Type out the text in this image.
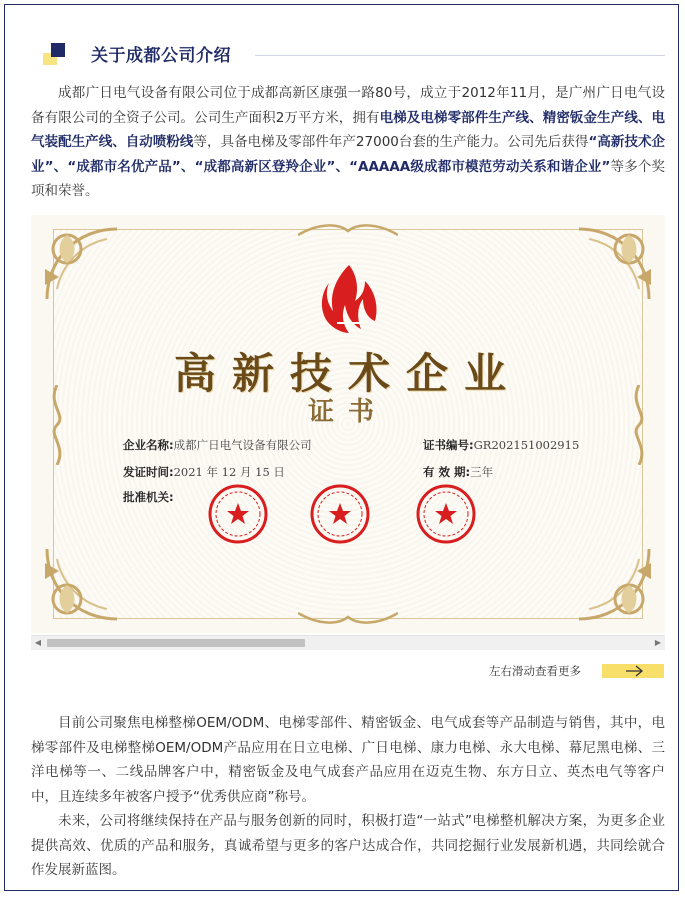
关于成都公司介绍
成都广日电气设备有限公司位于成都高新区康强一路80号，成立于2012年11月，是广州广日电气设备有限公司的全资子公司。公司生产面积2万平方米，拥有电梯及电梯零部件生产线、精密钣金生产线、电气装配生产线、自动喷粉线等，具备电梯及零部件年产27000台套的生产能力。公司先后获得“高新技术企业”、“成都市名优产品”、“成都高新区登羚企业”、“AAAAA级成都市模范劳动关系和谐企业”等多个奖项和荣誉。
高新技术企业
证书
企业名称:成都广日电气设备有限公司	证书编号:GR202151002915
发证时间:2021 年 12 月 15 日	有 效 期:三年
批准机关:
◀	▶
左右滑动查看更多
目前公司聚焦电梯整梯OEM/ODM、电梯零部件、精密钣金、电气成套等产品制造与销售，其中，电梯零部件及电梯整梯OEM/ODM产品应用在日立电梯、广日电梯、康力电梯、永大电梯、幕尼黑电梯、三洋电梯等一、二线品牌客户中，精密钣金及电气成套产品应用在迈克生物、东方日立、英杰电气等客户中，且连续多年被客户授予“优秀供应商”称号。
未来，公司将继续保持在产品与服务创新的同时，积极打造“一站式”电梯整机解决方案，为更多企业提供高效、优质的产品和服务，真诚希望与更多的客户达成合作，共同挖掘行业发展新机遇，共同绘就合作发展新蓝图。
